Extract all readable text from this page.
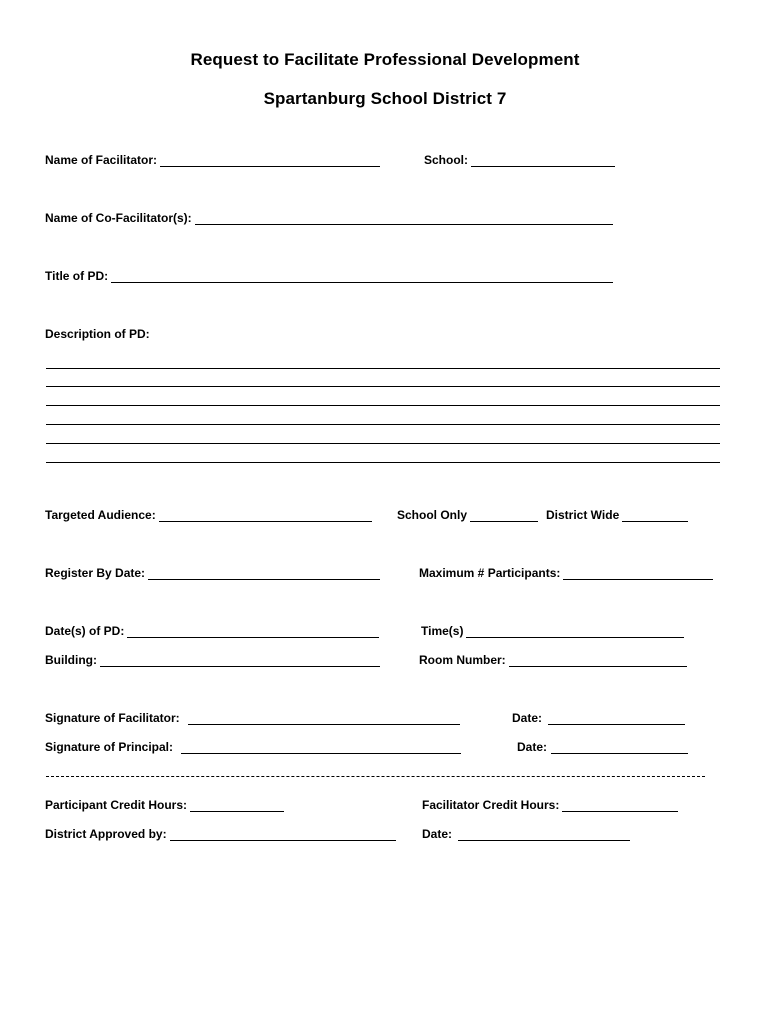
Request to Facilitate Professional Development
Spartanburg School District 7
Name of Facilitator:	School:
Name of Co-Facilitator(s):
Title of PD:
Description of PD:
Targeted Audience:	School Only	District Wide
Register By Date:	Maximum # Participants:
Date(s) of PD:	Time(s)
Building:	Room Number:
Signature of Facilitator:	Date:
Signature of Principal:	Date:
Participant Credit Hours:	Facilitator Credit Hours:
District Approved by:	Date:
